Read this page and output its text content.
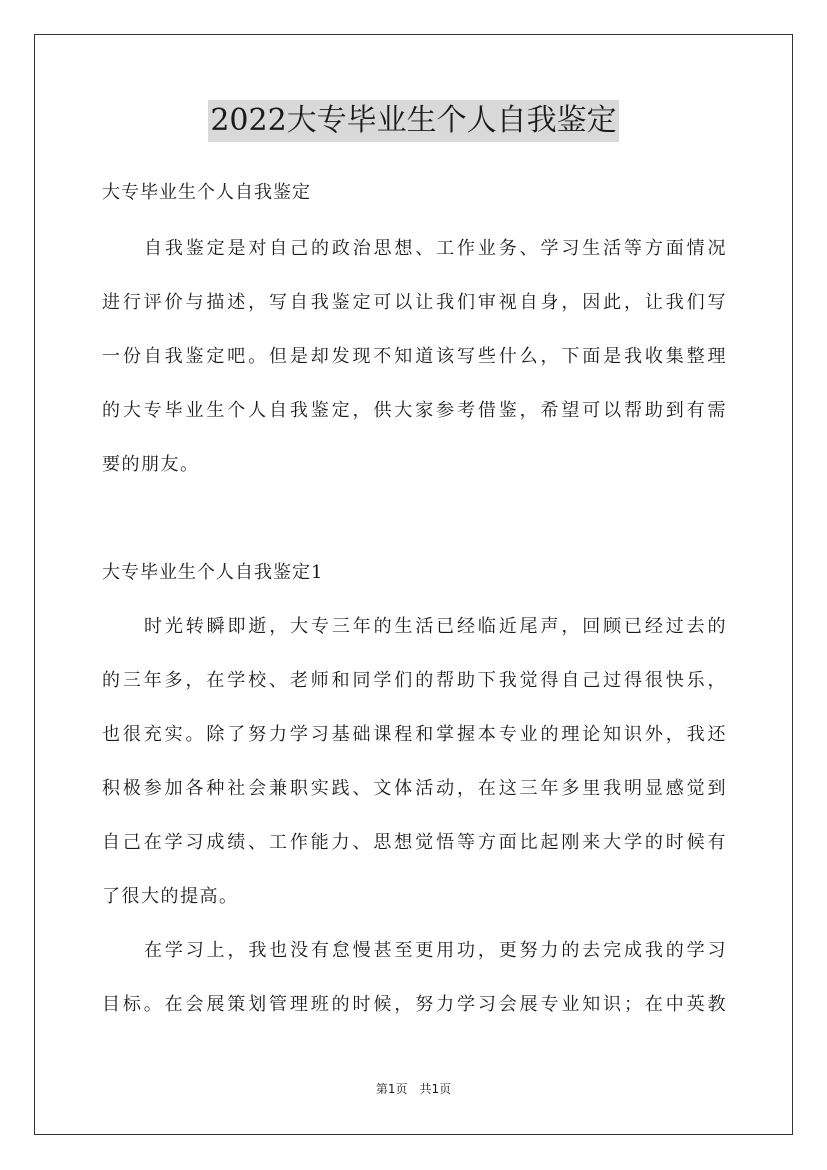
2022大专毕业生个人自我鉴定
大专毕业生个人自我鉴定
自我鉴定是对自己的政治思想、工作业务、学习生活等方面情况
进行评价与描述，写自我鉴定可以让我们审视自身，因此，让我们写
一份自我鉴定吧。但是却发现不知道该写些什么，下面是我收集整理
的大专毕业生个人自我鉴定，供大家参考借鉴，希望可以帮助到有需
要的朋友。
大专毕业生个人自我鉴定1
时光转瞬即逝，大专三年的生活已经临近尾声，回顾已经过去的
的三年多，在学校、老师和同学们的帮助下我觉得自己过得很快乐，
也很充实。除了努力学习基础课程和掌握本专业的理论知识外，我还
积极参加各种社会兼职实践、文体活动，在这三年多里我明显感觉到
自己在学习成绩、工作能力、思想觉悟等方面比起刚来大学的时候有
了很大的提高。
在学习上，我也没有怠慢甚至更用功，更努力的去完成我的学习
目标。在会展策划管理班的时候，努力学习会展专业知识；在中英教
第1页　共1页
